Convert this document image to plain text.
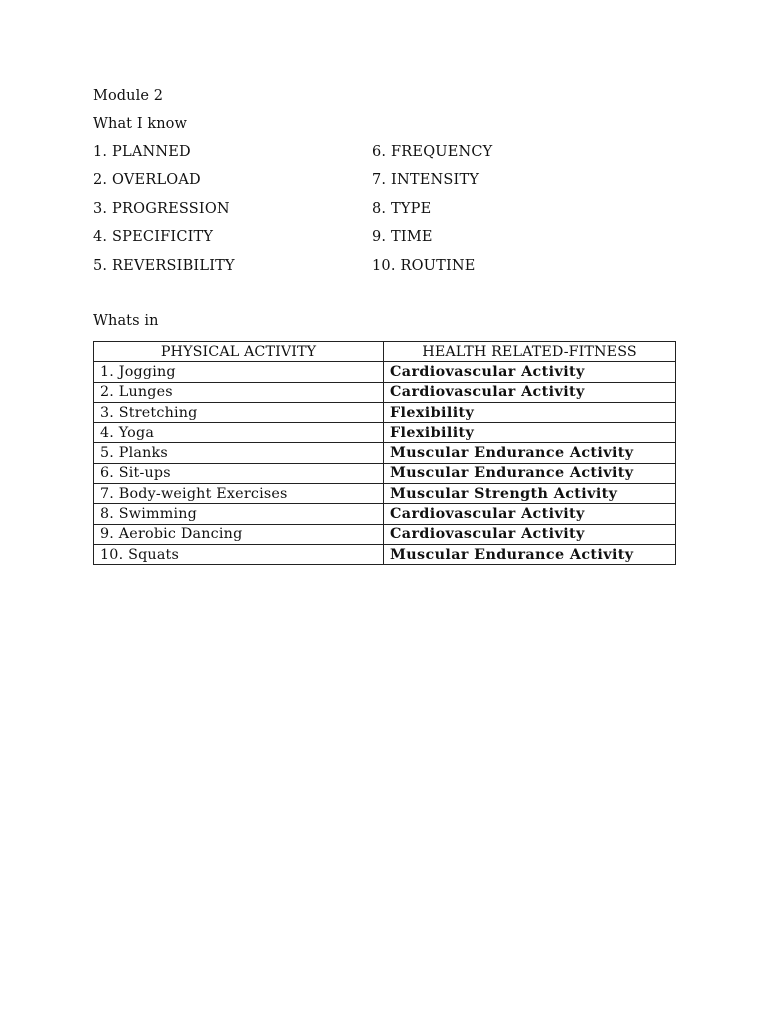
Module 2
What I know
1. PLANNED
2. OVERLOAD
3. PROGRESSION
4. SPECIFICITY
5. REVERSIBILITY
6. FREQUENCY
7. INTENSITY
8. TYPE
9. TIME
10. ROUTINE
Whats in
PHYSICAL ACTIVITY	HEALTH RELATED-FITNESS
1. Jogging	Cardiovascular Activity
2. Lunges	Cardiovascular Activity
3. Stretching	Flexibility
4. Yoga	Flexibility
5. Planks	Muscular Endurance Activity
6. Sit-ups	Muscular Endurance Activity
7. Body-weight Exercises	Muscular Strength Activity
8. Swimming	Cardiovascular Activity
9. Aerobic Dancing	Cardiovascular Activity
10. Squats	Muscular Endurance Activity
